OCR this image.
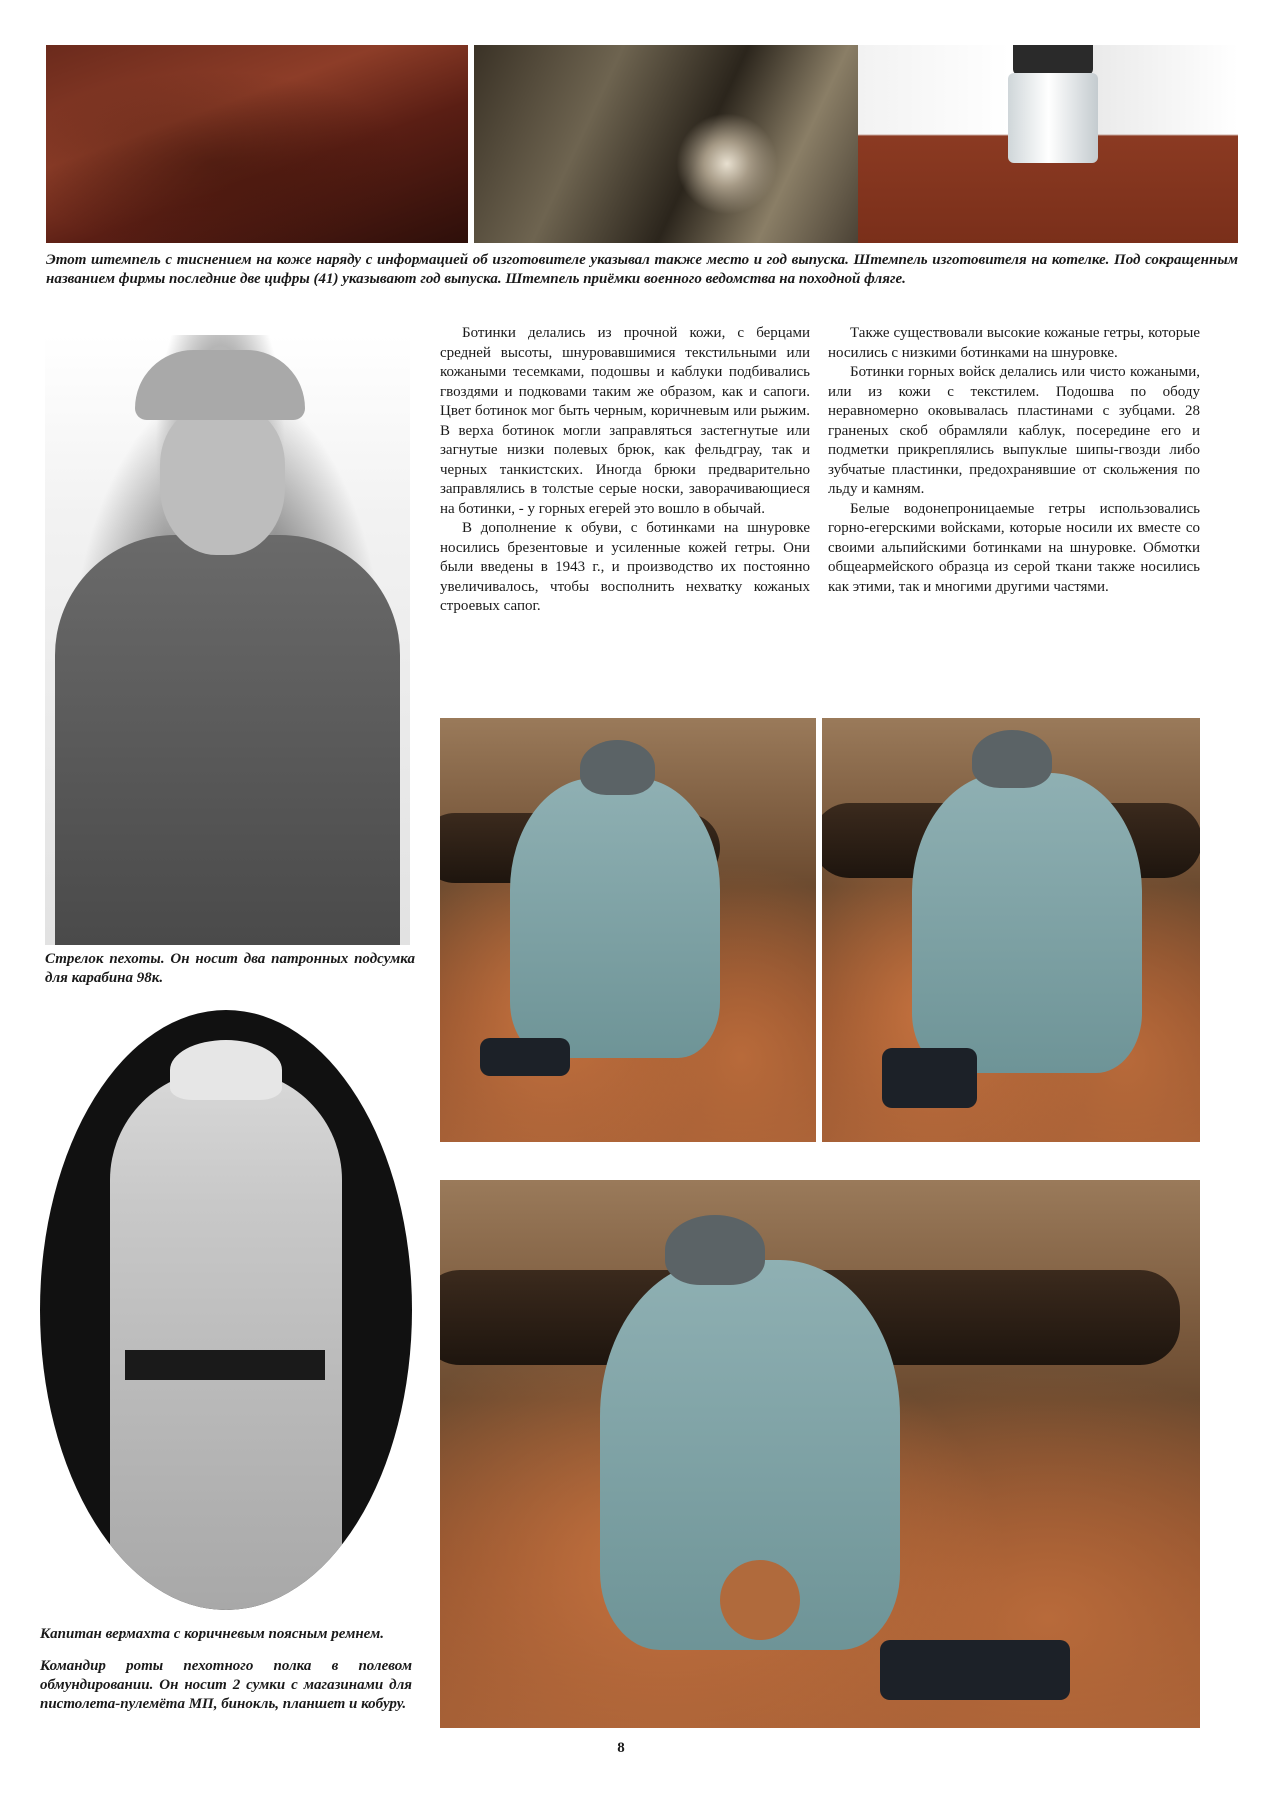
Этот штемпель с тиснением на коже наряду с информацией об изготовителе указывал также место и год выпуска. Штемпель изготовителя на котелке. Под сокращенным названием фирмы последние две цифры (41) указывают год выпуска. Штемпель приёмки военного ведомства на походной фляге.
Стрелок пехоты. Он носит два патронных подсумка для карабина 98к.
Капитан вермахта с коричневым поясным ремнем.
Командир роты пехотного полка в полевом обмундировании. Он носит 2 сумки с магазинами для пистолета-пулемёта МП, бинокль, планшет и кобуру.

Ботинки делались из прочной кожи, с берцами средней высоты, шнуровавшимися текстильными или кожаными тесемками, подошвы и каблуки подбивались гвоздями и подковами таким же образом, как и сапоги. Цвет ботинок мог быть черным, коричневым или рыжим. В верха ботинок могли заправляться застегнутые или загнутые низки полевых брюк, как фельдграу, так и черных танкистских. Иногда брюки предварительно заправлялись в толстые серые носки, заворачивающиеся на ботинки, - у горных егерей это вошло в обычай.

В дополнение к обуви, с ботинками на шнуровке носились брезентовые и усиленные кожей гетры. Они были введены в 1943 г., и производство их постоянно увеличивалось, чтобы восполнить нехватку кожаных строевых сапог.

Также существовали высокие кожаные гетры, которые носились с низкими ботинками на шнуровке.

Ботинки горных войск делались или чисто кожаными, или из кожи с текстилем. Подошва по ободу неравномерно оковывалась пластинами с зубцами. 28 граненых скоб обрамляли каблук, посередине его и подметки прикреплялись выпуклые шипы-гвозди либо зубчатые пластинки, предохранявшие от скольжения по льду и камням.

Белые водонепроницаемые гетры использовались горно-егерскими войсками, которые носили их вместе со своими альпийскими ботинками на шнуровке. Обмотки общеармейского образца из серой ткани также носились как этими, так и многими другими частями.

8
